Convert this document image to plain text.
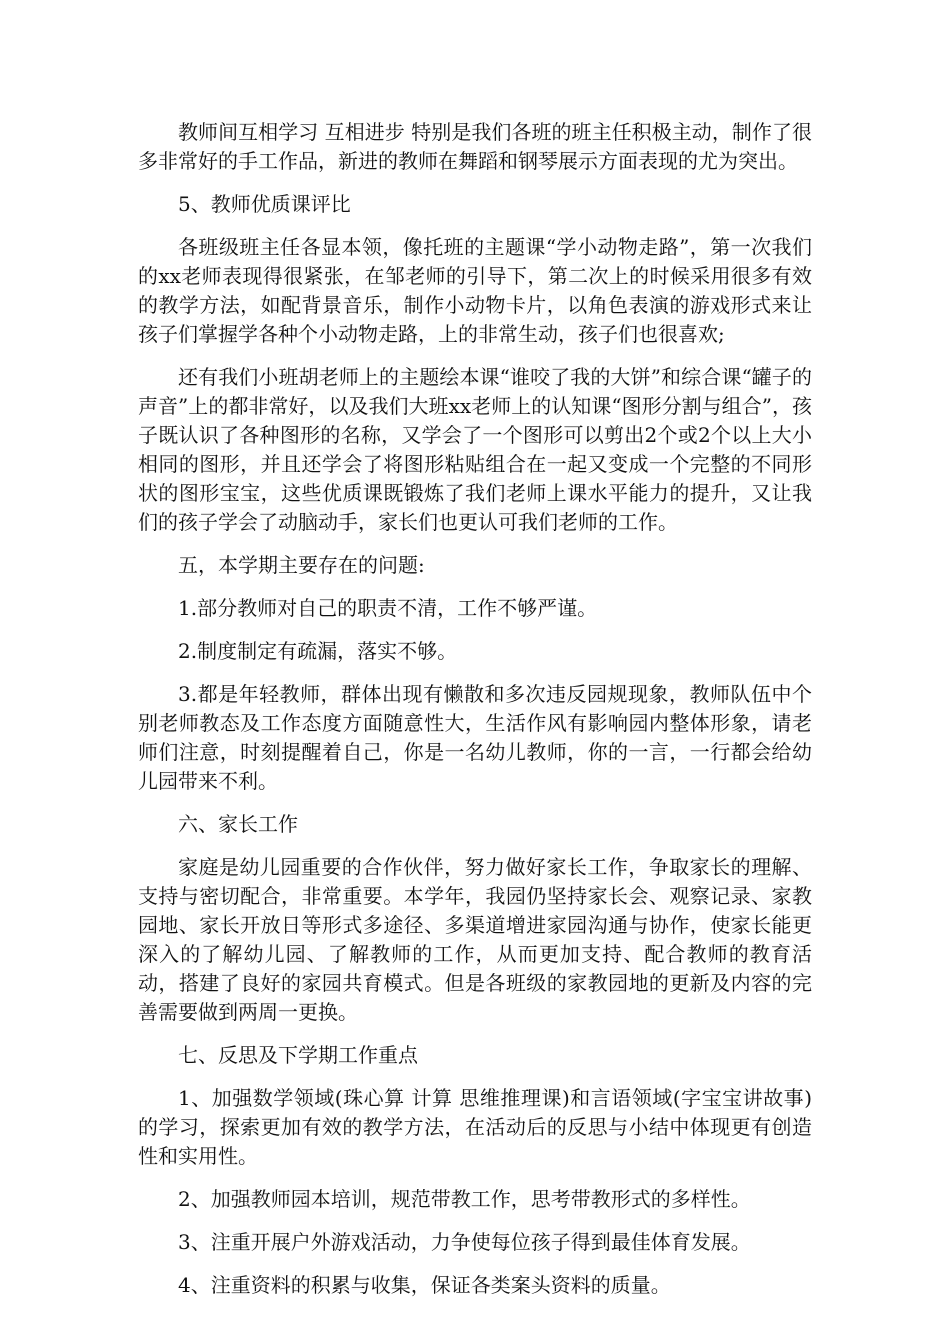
教师间互相学习 互相进步 特别是我们各班的班主任积极主动，制作了很多非常好的手工作品，新进的教师在舞蹈和钢琴展示方面表现的尤为突出。

5、教师优质课评比

各班级班主任各显本领，像托班的主题课“学小动物走路”，第一次我们的xx老师表现得很紧张，在邹老师的引导下，第二次上的时候采用很多有效的教学方法，如配背景音乐，制作小动物卡片，以角色表演的游戏形式来让孩子们掌握学各种个小动物走路，上的非常生动，孩子们也很喜欢;

还有我们小班胡老师上的主题绘本课“谁咬了我的大饼”和综合课“罐子的声音”上的都非常好，以及我们大班xx老师上的认知课“图形分割与组合”，孩子既认识了各种图形的名称，又学会了一个图形可以剪出2个或2个以上大小相同的图形，并且还学会了将图形粘贴组合在一起又变成一个完整的不同形状的图形宝宝，这些优质课既锻炼了我们老师上课水平能力的提升，又让我们的孩子学会了动脑动手，家长们也更认可我们老师的工作。

五，本学期主要存在的问题:

1.部分教师对自己的职责不清，工作不够严谨。

2.制度制定有疏漏，落实不够。

3.都是年轻教师，群体出现有懒散和多次违反园规现象，教师队伍中个别老师教态及工作态度方面随意性大，生活作风有影响园内整体形象，请老师们注意，时刻提醒着自己，你是一名幼儿教师，你的一言，一行都会给幼儿园带来不利。

六、家长工作

家庭是幼儿园重要的合作伙伴，努力做好家长工作，争取家长的理解、支持与密切配合，非常重要。本学年，我园仍坚持家长会、观察记录、家教园地、家长开放日等形式多途径、多渠道增进家园沟通与协作，使家长能更深入的了解幼儿园、了解教师的工作，从而更加支持、配合教师的教育活动，搭建了良好的家园共育模式。但是各班级的家教园地的更新及内容的完善需要做到两周一更换。

七、反思及下学期工作重点

1、加强数学领域(珠心算 计算 思维推理课)和言语领域(字宝宝讲故事)的学习，探索更加有效的教学方法，在活动后的反思与小结中体现更有创造性和实用性。

2、加强教师园本培训，规范带教工作，思考带教形式的多样性。

3、注重开展户外游戏活动，力争使每位孩子得到最佳体育发展。

4、注重资料的积累与收集，保证各类案头资料的质量。
